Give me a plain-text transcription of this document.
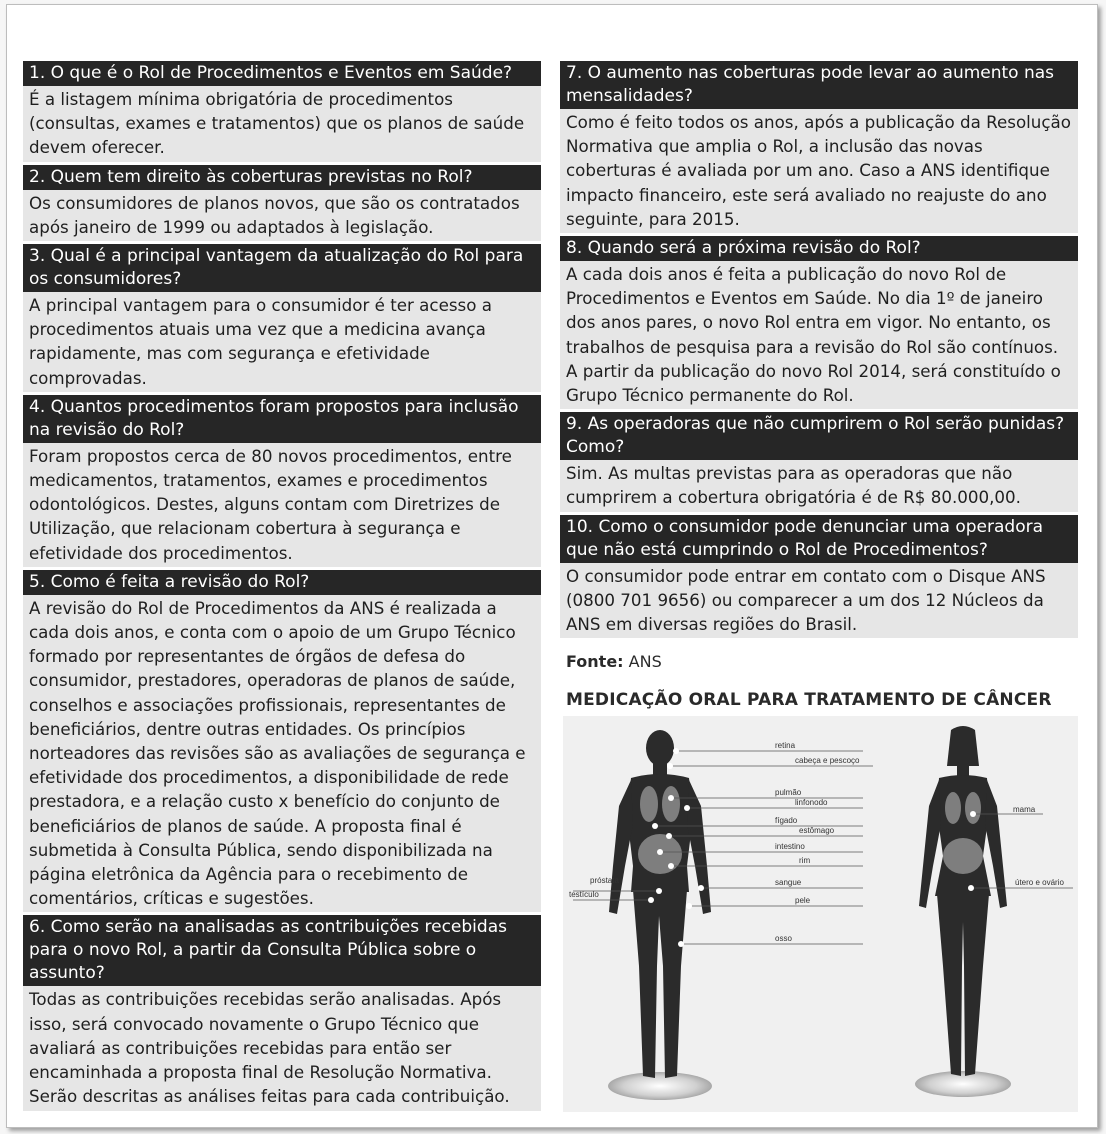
1. O que é o Rol de Procedimentos e Eventos em Saúde?
É a listagem mínima obrigatória de procedimentos (consultas, exames e tratamentos) que os planos de saúde devem oferecer.
2. Quem tem direito às coberturas previstas no Rol?
Os consumidores de planos novos, que são os contratados após janeiro de 1999 ou adaptados à legislação.
3. Qual é a principal vantagem da atualização do Rol para os consumidores?
A principal vantagem para o consumidor é ter acesso a procedimentos atuais uma vez que a medicina avança rapidamente, mas com segurança e efetividade comprovadas.
4. Quantos procedimentos foram propostos para inclusão na revisão do Rol?
Foram propostos cerca de 80 novos procedimentos, entre medicamentos, tratamentos, exames e procedimentos odontológicos. Destes, alguns contam com Diretrizes de Utilização, que relacionam cobertura à segurança e efetividade dos procedimentos.
5. Como é feita a revisão do Rol?
A revisão do Rol de Procedimentos da ANS é realizada a cada dois anos, e conta com o apoio de um Grupo Técnico formado por representantes de órgãos de defesa do consumidor, prestadores, operadoras de planos de saúde, conselhos e associações profissionais, representantes de beneficiários, dentre outras entidades. Os princípios norteadores das revisões são as avaliações de segurança e efetividade dos procedimentos, a disponibilidade de rede prestadora, e a relação custo x benefício do conjunto de beneficiários de planos de saúde. A proposta final é submetida à Consulta Pública, sendo disponibilizada na página eletrônica da Agência para o recebimento de comentários, críticas e sugestões.
6. Como serão na analisadas as contribuições recebidas para o novo Rol, a partir da Consulta Pública sobre o assunto?
Todas as contribuições recebidas serão analisadas. Após isso, será convocado novamente o Grupo Técnico que avaliará as contribuições recebidas para então ser encaminhada a proposta final de Resolução Normativa. Serão descritas as análises feitas para cada contribuição.
7. O aumento nas coberturas pode levar ao aumento nas mensalidades?
Como é feito todos os anos, após a publicação da Resolução Normativa que amplia o Rol, a inclusão das novas coberturas é avaliada por um ano. Caso a ANS identifique impacto financeiro, este será avaliado no reajuste do ano seguinte, para 2015.
8. Quando será a próxima revisão do Rol?
A cada dois anos é feita a publicação do novo Rol de Procedimentos e Eventos em Saúde. No dia 1º de janeiro dos anos pares, o novo Rol entra em vigor. No entanto, os trabalhos de pesquisa para a revisão do Rol são contínuos. A partir da publicação do novo Rol 2014, será constituído o Grupo Técnico permanente do Rol.
9. As operadoras que não cumprirem o Rol serão punidas? Como?
Sim. As multas previstas para as operadoras que não cumprirem a cobertura obrigatória é de R$ 80.000,00.
10. Como o consumidor pode denunciar uma operadora que não está cumprindo o Rol de Procedimentos?
O consumidor pode entrar em contato com o Disque ANS (0800 701 9656) ou comparecer a um dos 12 Núcleos da ANS em diversas regiões do Brasil.
Fonte: ANS
MEDICAÇÃO ORAL PARA TRATAMENTO DE CÂNCER
retina
cabeça e pescoço
pulmão
linfonodo
fígado
estômago
intestino
rim
sangue
pele
osso
próstata
testículo
mama
útero e ovário
